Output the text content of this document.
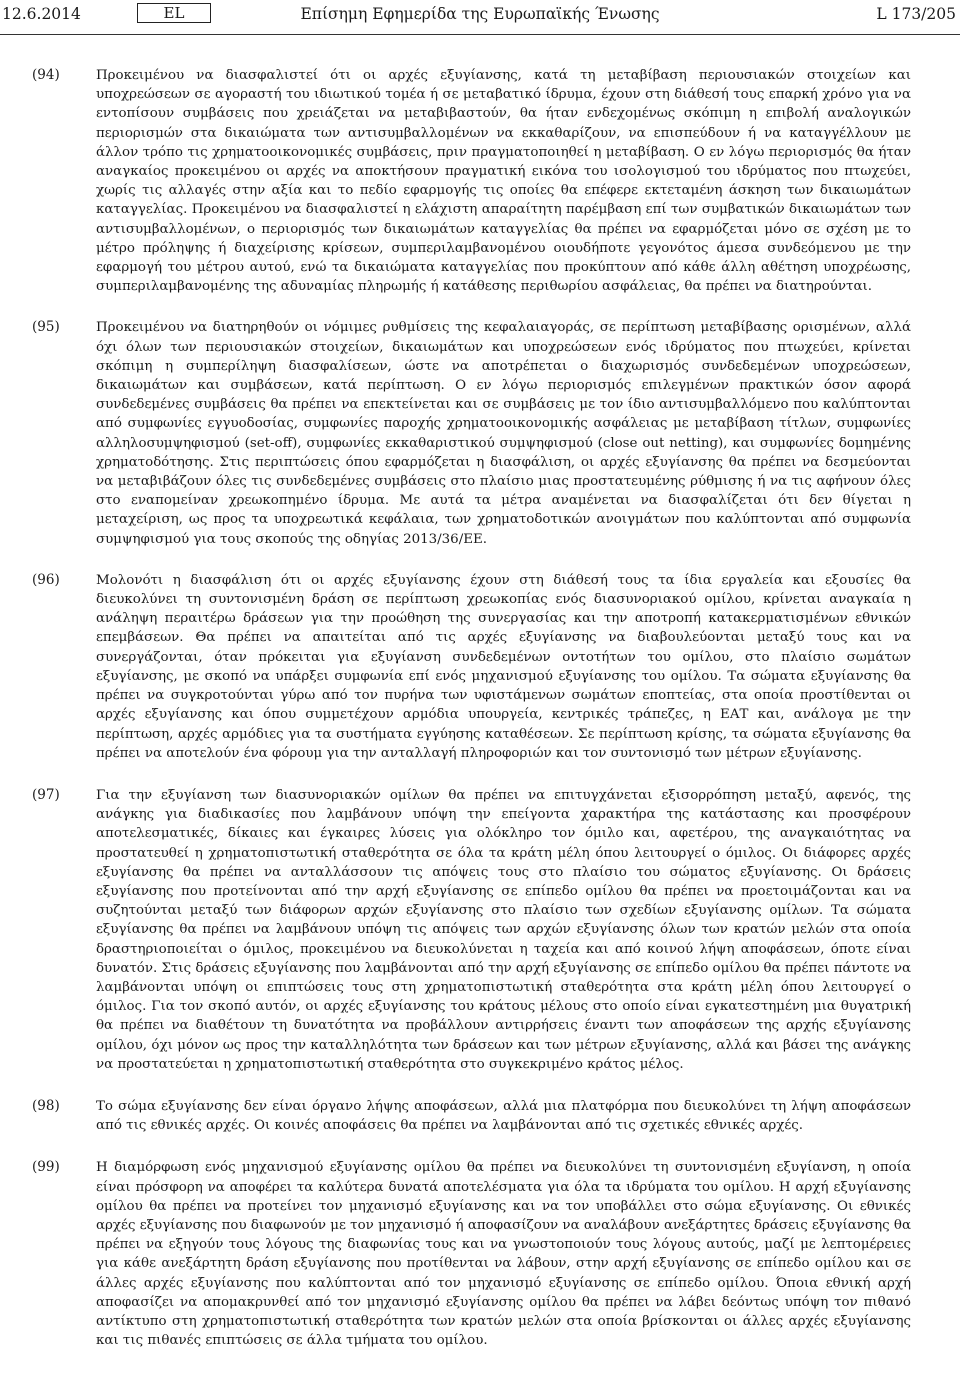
12.6.2014	EL	Επίσημη Εφημερίδα της Ευρωπαϊκής Ένωσης	L 173/205
(94)	Προκειμένου να διασφαλιστεί ότι οι αρχές εξυγίανσης, κατά τη μεταβίβαση περιουσιακών στοιχείων και υποχρεώσεων σε αγοραστή του ιδιωτικού τομέα ή σε μεταβατικό ίδρυμα, έχουν στη διάθεσή τους επαρκή χρόνο για να εντοπίσουν συμβάσεις που χρειάζεται να μεταβιβαστούν, θα ήταν ενδεχομένως σκόπιμη η επιβολή αναλογικών περιορισμών στα δικαιώματα των αντισυμβαλλομένων να εκκαθαρίζουν, να επισπεύδουν ή να καταγγέλλουν με άλλον τρόπο τις χρηματοοικονομικές συμβάσεις, πριν πραγματοποιηθεί η μεταβίβαση. Ο εν λόγω περιορισμός θα ήταν αναγκαίος προκειμένου οι αρχές να αποκτήσουν πραγματική εικόνα του ισολογισμού του ιδρύματος που πτωχεύει, χωρίς τις αλλαγές στην αξία και το πεδίο εφαρμογής τις οποίες θα επέφερε εκτεταμένη άσκηση των δικαιωμάτων καταγγελίας. Προκειμένου να διασφαλιστεί η ελάχιστη απαραίτητη παρέμβαση επί των συμβατικών δικαιωμάτων των αντισυμβαλλομένων, ο περιορισμός των δικαιωμάτων καταγγελίας θα πρέπει να εφαρμόζεται μόνο σε σχέση με το μέτρο πρόληψης ή διαχείρισης κρίσεων, συμπεριλαμβανομένου οιουδήποτε γεγονότος άμεσα συνδεόμενου με την εφαρμογή του μέτρου αυτού, ενώ τα δικαιώματα καταγγελίας που προκύπτουν από κάθε άλλη αθέτηση υποχρέωσης, συμπεριλαμβανομένης της αδυναμίας πληρωμής ή κατάθεσης περιθωρίου ασφάλειας, θα πρέπει να διατηρούνται.
(95)	Προκειμένου να διατηρηθούν οι νόμιμες ρυθμίσεις της κεφαλαιαγοράς, σε περίπτωση μεταβίβασης ορισμένων, αλλά όχι όλων των περιουσιακών στοιχείων, δικαιωμάτων και υποχρεώσεων ενός ιδρύματος που πτωχεύει, κρίνεται σκόπιμη η συμπερίληψη διασφαλίσεων, ώστε να αποτρέπεται ο διαχωρισμός συνδεδεμένων υποχρεώσεων, δικαιωμάτων και συμβάσεων, κατά περίπτωση. Ο εν λόγω περιορισμός επιλεγμένων πρακτικών όσον αφορά συνδεδεμένες συμβάσεις θα πρέπει να επεκτείνεται και σε συμβάσεις με τον ίδιο αντισυμβαλλόμενο που καλύπτονται από συμφωνίες εγγυοδοσίας, συμφωνίες παροχής χρηματοοικονομικής ασφάλειας με μεταβίβαση τίτλων, συμφωνίες αλληλοσυμψηφισμού (set-off), συμφωνίες εκκαθαριστικού συμψηφισμού (close out netting), και συμφωνίες δομημένης χρηματοδότησης. Στις περιπτώσεις όπου εφαρμόζεται η διασφάλιση, οι αρχές εξυγίανσης θα πρέπει να δεσμεύονται να μεταβιβάζουν όλες τις συνδεδεμένες συμβάσεις στο πλαίσιο μιας προστατευμένης ρύθμισης ή να τις αφήνουν όλες στο εναπομείναν χρεωκοπημένο ίδρυμα. Με αυτά τα μέτρα αναμένεται να διασφαλίζεται ότι δεν θίγεται η μεταχείριση, ως προς τα υποχρεωτικά κεφάλαια, των χρηματοδοτικών ανοιγμάτων που καλύπτονται από συμφωνία συμψηφισμού για τους σκοπούς της οδηγίας 2013/36/ΕΕ.
(96)	Μολονότι η διασφάλιση ότι οι αρχές εξυγίανσης έχουν στη διάθεσή τους τα ίδια εργαλεία και εξουσίες θα διευκολύνει τη συντονισμένη δράση σε περίπτωση χρεωκοπίας ενός διασυνοριακού ομίλου, κρίνεται αναγκαία η ανάληψη περαιτέρω δράσεων για την προώθηση της συνεργασίας και την αποτροπή κατακερματισμένων εθνικών επεμβάσεων. Θα πρέπει να απαιτείται από τις αρχές εξυγίανσης να διαβουλεύονται μεταξύ τους και να συνεργάζονται, όταν πρόκειται για εξυγίανση συνδεδεμένων οντοτήτων του ομίλου, στο πλαίσιο σωμάτων εξυγίανσης, με σκοπό να υπάρξει συμφωνία επί ενός μηχανισμού εξυγίανσης του ομίλου. Τα σώματα εξυγίανσης θα πρέπει να συγκροτούνται γύρω από τον πυρήνα των υφιστάμενων σωμάτων εποπτείας, στα οποία προστίθενται οι αρχές εξυγίανσης και όπου συμμετέχουν αρμόδια υπουργεία, κεντρικές τράπεζες, η ΕΑΤ και, ανάλογα με την περίπτωση, αρχές αρμόδιες για τα συστήματα εγγύησης καταθέσεων. Σε περίπτωση κρίσης, τα σώματα εξυγίανσης θα πρέπει να αποτελούν ένα φόρουμ για την ανταλλαγή πληροφοριών και τον συντονισμό των μέτρων εξυγίανσης.
(97)	Για την εξυγίανση των διασυνοριακών ομίλων θα πρέπει να επιτυγχάνεται εξισορρόπηση μεταξύ, αφενός, της ανάγκης για διαδικασίες που λαμβάνουν υπόψη την επείγοντα χαρακτήρα της κατάστασης και προσφέρουν αποτελεσματικές, δίκαιες και έγκαιρες λύσεις για ολόκληρο τον όμιλο και, αφετέρου, της αναγκαιότητας να προστατευθεί η χρηματοπιστωτική σταθερότητα σε όλα τα κράτη μέλη όπου λειτουργεί ο όμιλος. Οι διάφορες αρχές εξυγίανσης θα πρέπει να ανταλλάσσουν τις απόψεις τους στο πλαίσιο του σώματος εξυγίανσης. Οι δράσεις εξυγίανσης που προτείνονται από την αρχή εξυγίανσης σε επίπεδο ομίλου θα πρέπει να προετοιμάζονται και να συζητούνται μεταξύ των διάφορων αρχών εξυγίανσης στο πλαίσιο των σχεδίων εξυγίανσης ομίλων. Τα σώματα εξυγίανσης θα πρέπει να λαμβάνουν υπόψη τις απόψεις των αρχών εξυγίανσης όλων των κρατών μελών στα οποία δραστηριοποιείται ο όμιλος, προκειμένου να διευκολύνεται η ταχεία και από κοινού λήψη αποφάσεων, όποτε είναι δυνατόν. Στις δράσεις εξυγίανσης που λαμβάνονται από την αρχή εξυγίανσης σε επίπεδο ομίλου θα πρέπει πάντοτε να λαμβάνονται υπόψη οι επιπτώσεις τους στη χρηματοπιστωτική σταθερότητα στα κράτη μέλη όπου λειτουργεί ο όμιλος. Για τον σκοπό αυτόν, οι αρχές εξυγίανσης του κράτους μέλους στο οποίο είναι εγκατεστημένη μια θυγατρική θα πρέπει να διαθέτουν τη δυνατότητα να προβάλλουν αντιρρήσεις έναντι των αποφάσεων της αρχής εξυγίανσης ομίλου, όχι μόνον ως προς την καταλληλότητα των δράσεων και των μέτρων εξυγίανσης, αλλά και βάσει της ανάγκης να προστατεύεται η χρηματοπιστωτική σταθερότητα στο συγκεκριμένο κράτος μέλος.
(98)	Το σώμα εξυγίανσης δεν είναι όργανο λήψης αποφάσεων, αλλά μια πλατφόρμα που διευκολύνει τη λήψη αποφάσεων από τις εθνικές αρχές. Οι κοινές αποφάσεις θα πρέπει να λαμβάνονται από τις σχετικές εθνικές αρχές.
(99)	Η διαμόρφωση ενός μηχανισμού εξυγίανσης ομίλου θα πρέπει να διευκολύνει τη συντονισμένη εξυγίανση, η οποία είναι πρόσφορη να αποφέρει τα καλύτερα δυνατά αποτελέσματα για όλα τα ιδρύματα του ομίλου. Η αρχή εξυγίανσης ομίλου θα πρέπει να προτείνει τον μηχανισμό εξυγίανσης και να τον υποβάλλει στο σώμα εξυγίανσης. Οι εθνικές αρχές εξυγίανσης που διαφωνούν με τον μηχανισμό ή αποφασίζουν να αναλάβουν ανεξάρτητες δράσεις εξυγίανσης θα πρέπει να εξηγούν τους λόγους της διαφωνίας τους και να γνωστοποιούν τους λόγους αυτούς, μαζί με λεπτομέρειες για κάθε ανεξάρτητη δράση εξυγίανσης που προτίθενται να λάβουν, στην αρχή εξυγίανσης σε επίπεδο ομίλου και σε άλλες αρχές εξυγίανσης που καλύπτονται από τον μηχανισμό εξυγίανσης σε επίπεδο ομίλου. Όποια εθνική αρχή αποφασίζει να απομακρυνθεί από τον μηχανισμό εξυγίανσης ομίλου θα πρέπει να λάβει δεόντως υπόψη τον πιθανό αντίκτυπο στη χρηματοπιστωτική σταθερότητα των κρατών μελών στα οποία βρίσκονται οι άλλες αρχές εξυγίανσης και τις πιθανές επιπτώσεις σε άλλα τμήματα του ομίλου.
